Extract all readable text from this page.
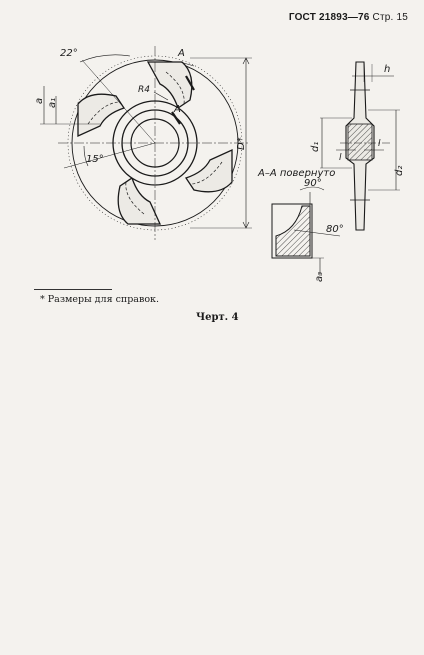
ГОСТ 21893—76 Стр. 15
22°	A
A
R4
15°
a a₁
D*
h
d₁
l
l
d₂
А–А повернуто
90°
80°
a₃
* Размеры для справок.
Черт. 4
